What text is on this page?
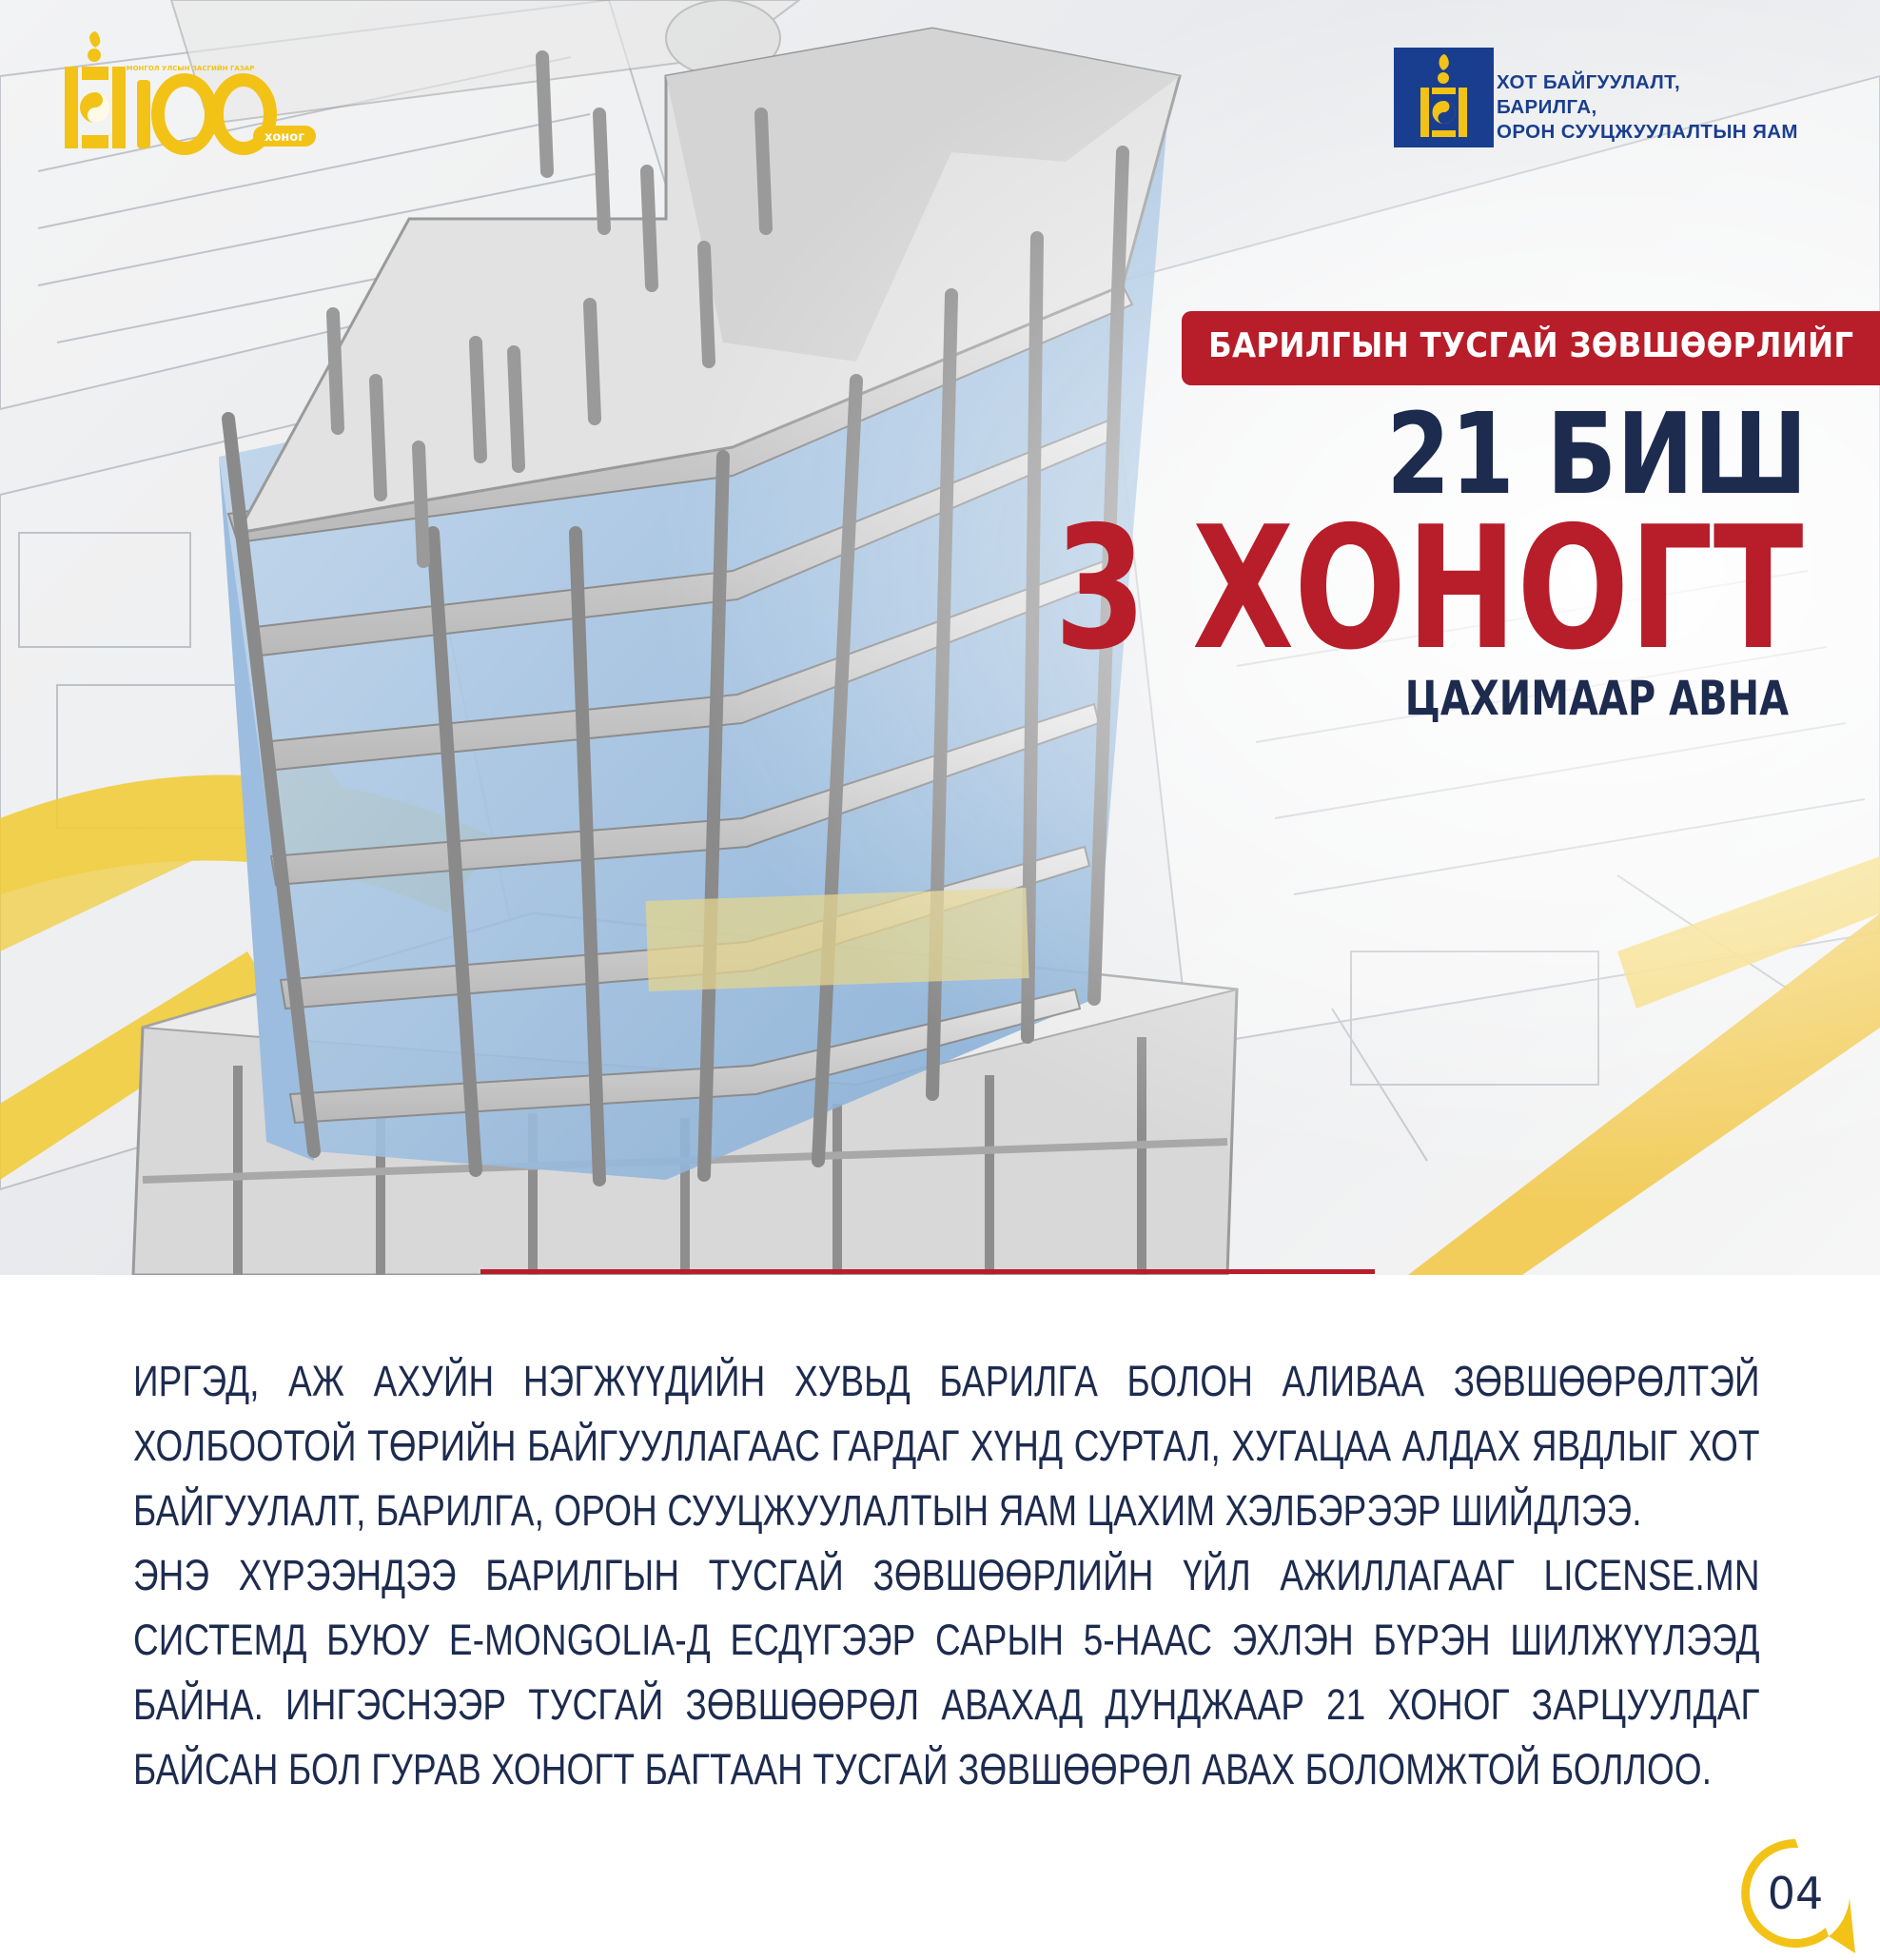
хоног
МОНГОЛ УЛСЫН ЗАСГИЙН ГАЗАР
ХОТ БАЙГУУЛАЛТ,
БАРИЛГА,
ОРОН СУУЦЖУУЛАЛТЫН ЯАМ
БАРИЛГЫН ТУСГАЙ ЗӨВШӨӨРЛИЙГ
21 БИШ
3 ХОНОГТ
ЦАХИМААР АВНА

ИРГЭД, АЖ АХУЙН НЭГЖҮҮДИЙН ХУВЬД БАРИЛГА БОЛОН АЛИВАА ЗӨВШӨӨРӨЛТЭЙ ХОЛБООТОЙ ТӨРИЙН БАЙГУУЛЛАГААС ГАРДАГ ХҮНД СУРТАЛ, ХУГАЦАА АЛДАХ ЯВДЛЫГ ХОТ БАЙГУУЛАЛТ, БАРИЛГА, ОРОН СУУЦЖУУЛАЛТЫН ЯАМ ЦАХИМ ХЭЛБЭРЭЭР ШИЙДЛЭЭ.

ЭНЭ ХҮРЭЭНДЭЭ БАРИЛГЫН ТУСГАЙ ЗӨВШӨӨРЛИЙН ҮЙЛ АЖИЛЛАГААГ LICENSE.MN СИСТЕМД БУЮУ E-MONGOLIA-Д ЕСДҮГЭЭР САРЫН 5-НААС ЭХЛЭН БҮРЭН ШИЛЖҮҮЛЭЭД БАЙНА. ИНГЭСНЭЭР ТУСГАЙ ЗӨВШӨӨРӨЛ АВАХАД ДУНДЖААР 21 ХОНОГ ЗАРЦУУЛДАГ БАЙСАН БОЛ ГУРАВ ХОНОГТ БАГТААН ТУСГАЙ ЗӨВШӨӨРӨЛ АВАХ БОЛОМЖТОЙ БОЛЛОО.

04
